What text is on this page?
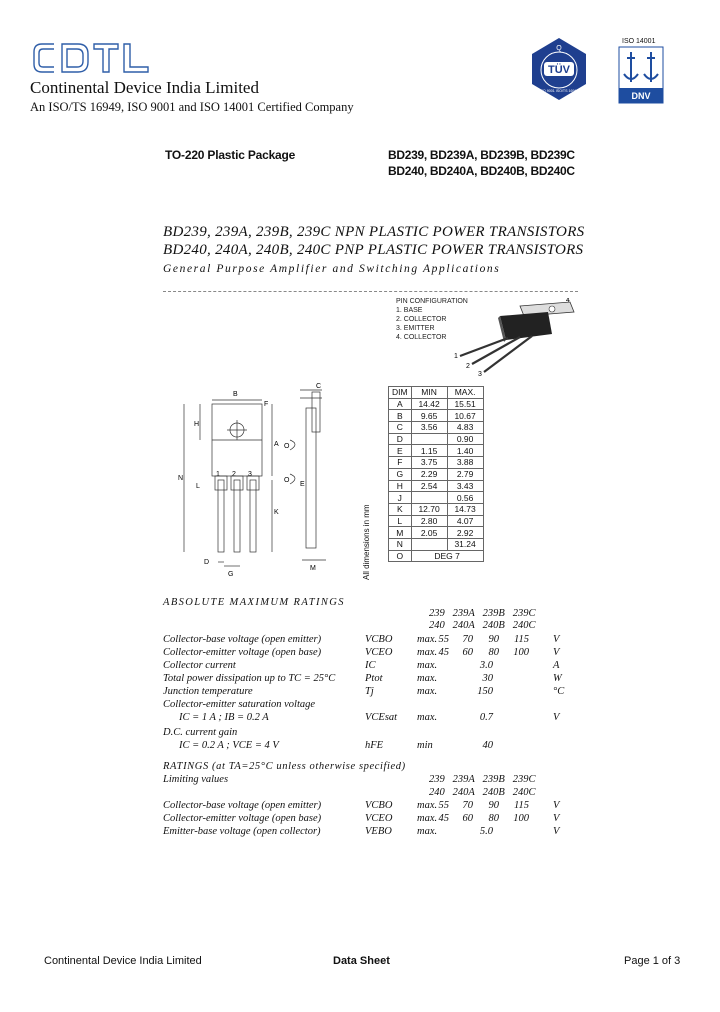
Continental Device India Limited
An ISO/TS 16949, ISO 9001 and ISO 14001 Certified Company
TÜV
Q
ISO 9001 ISO/TS 16949
ISO 14001
DNV
TO-220 Plastic Package	BD239, BD239A, BD239B, BD239C
BD240, BD240A, BD240B, BD240C
BD239, 239A, 239B, 239C NPN PLASTIC POWER TRANSISTORS
BD240, 240A, 240B, 240C PNP PLASTIC POWER TRANSISTORS
General Purpose Amplifier and Switching Applications
PIN CONFIGURATION
1. BASE
2. COLLECTOR
3. EMITTER
4. COLLECTOR
4
1
2
3
B
F
H
N
A
K
D
G
1 2 3
L
C
O
O
M
E
DIM	MIN	MAX.
A	14.42	15.51
B	9.65	10.67
C	3.56	4.83
D		0.90
E	1.15	1.40
F	3.75	3.88
G	2.29	2.79
H	2.54	3.43
J		0.56
K	12.70	14.73
L	2.80	4.07
M	2.05	2.92
N		31.24
O	DEG 7	
All dimensions in mm
ABSOLUTE MAXIMUM RATINGS
239 239A 239B 239C
240 240A 240B 240C
Collector-base voltage (open emitter)	VCBO max. 55	70	90	115 V
Collector-emitter voltage (open base)	VCEO max. 45	60	80	100 V
Collector current	IC	max.	3.0	A
Total power dissipation up to TC = 25°C	Ptot	max.	30	W
Junction temperature	Tj	max.	150	°C
Collector-emitter saturation voltage
IC = 1 A ; IB = 0.2 A	VCEsat max.	0.7	V
D.C. current gain
IC = 0.2 A ; VCE = 4 V	hFE	min	40
RATINGS (at TA=25°C unless otherwise specified)
Limiting values	239 239A 239B 239C
240 240A 240B 240C
Collector-base voltage (open emitter)	VCBO max. 55	70	90	115 V
Collector-emitter voltage (open base)	VCEO max. 45	60	80	100 V
Emitter-base voltage (open collector)	VEBO max.	5.0	V
Continental Device India Limited	Data Sheet	Page 1 of 3
